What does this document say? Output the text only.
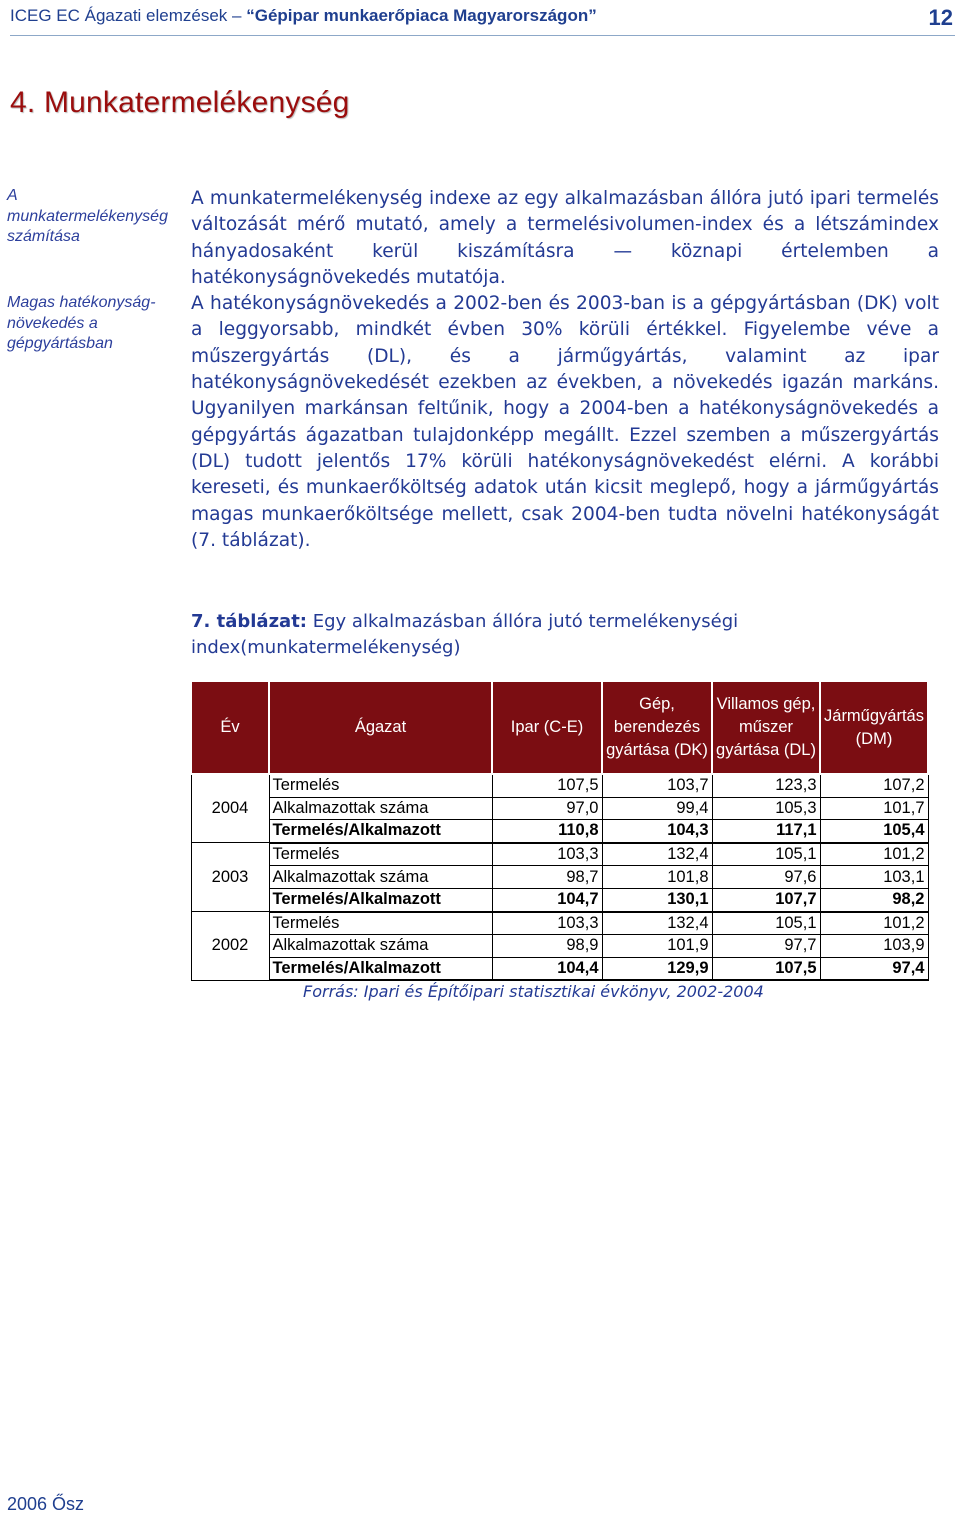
ICEG EC Ágazati elemzések – “Gépipar munkaerőpiaca Magyarországon”	12
4. Munkatermelékenység
A munkatermelékenység számítása
Magas hatékonyság-növekedés a gépgyártásban

A munkatermelékenység indexe az egy alkalmazásban állóra jutó ipari termelés változását mérő mutató, amely a termelésivolumen-index és a létszámindex hányadosaként kerül kiszámításra — köznapi értelemben a hatékonyságnövekedés mutatója.

A hatékonyságnövekedés a 2002-ben és 2003-ban is a gépgyártásban (DK) volt a leggyorsabb, mindkét évben 30% körüli értékkel. Figyelembe véve a műszergyártás (DL), és a járműgyártás, valamint az ipar hatékonyságnövekedését ezekben az években, a növekedés igazán markáns. Ugyanilyen markánsan feltűnik, hogy a 2004-ben a hatékonyságnövekedés a gépgyártás ágazatban tulajdonképp megállt. Ezzel szemben a műszergyártás (DL) tudott jelentős 17% körüli hatékonyságnövekedést elérni. A korábbi kereseti, és munkaerőköltség adatok után kicsit meglepő, hogy a járműgyártás magas munkaerőköltsége mellett, csak 2004-ben tudta növelni hatékonyságát (7. táblázat).

7. táblázat: Egy alkalmazásban állóra jutó termelékenységi index(munkatermelékenység)
Év	Ágazat	Ipar (C-E)	Gép, berendezés gyártása (DK)	Villamos gép, műszer gyártása (DL)	Járműgyártás (DM)
2004	Termelés	107,5	103,7	123,3	107,2
	Alkalmazottak száma	97,0	99,4	105,3	101,7
	Termelés/Alkalmazott	110,8	104,3	117,1	105,4
2003	Termelés	103,3	132,4	105,1	101,2
	Alkalmazottak száma	98,7	101,8	97,6	103,1
	Termelés/Alkalmazott	104,7	130,1	107,7	98,2
2002	Termelés	103,3	132,4	105,1	101,2
	Alkalmazottak száma	98,9	101,9	97,7	103,9
	Termelés/Alkalmazott	104,4	129,9	107,5	97,4
Forrás: Ipari és Építőipari statisztikai évkönyv, 2002-2004
2006 Ősz
